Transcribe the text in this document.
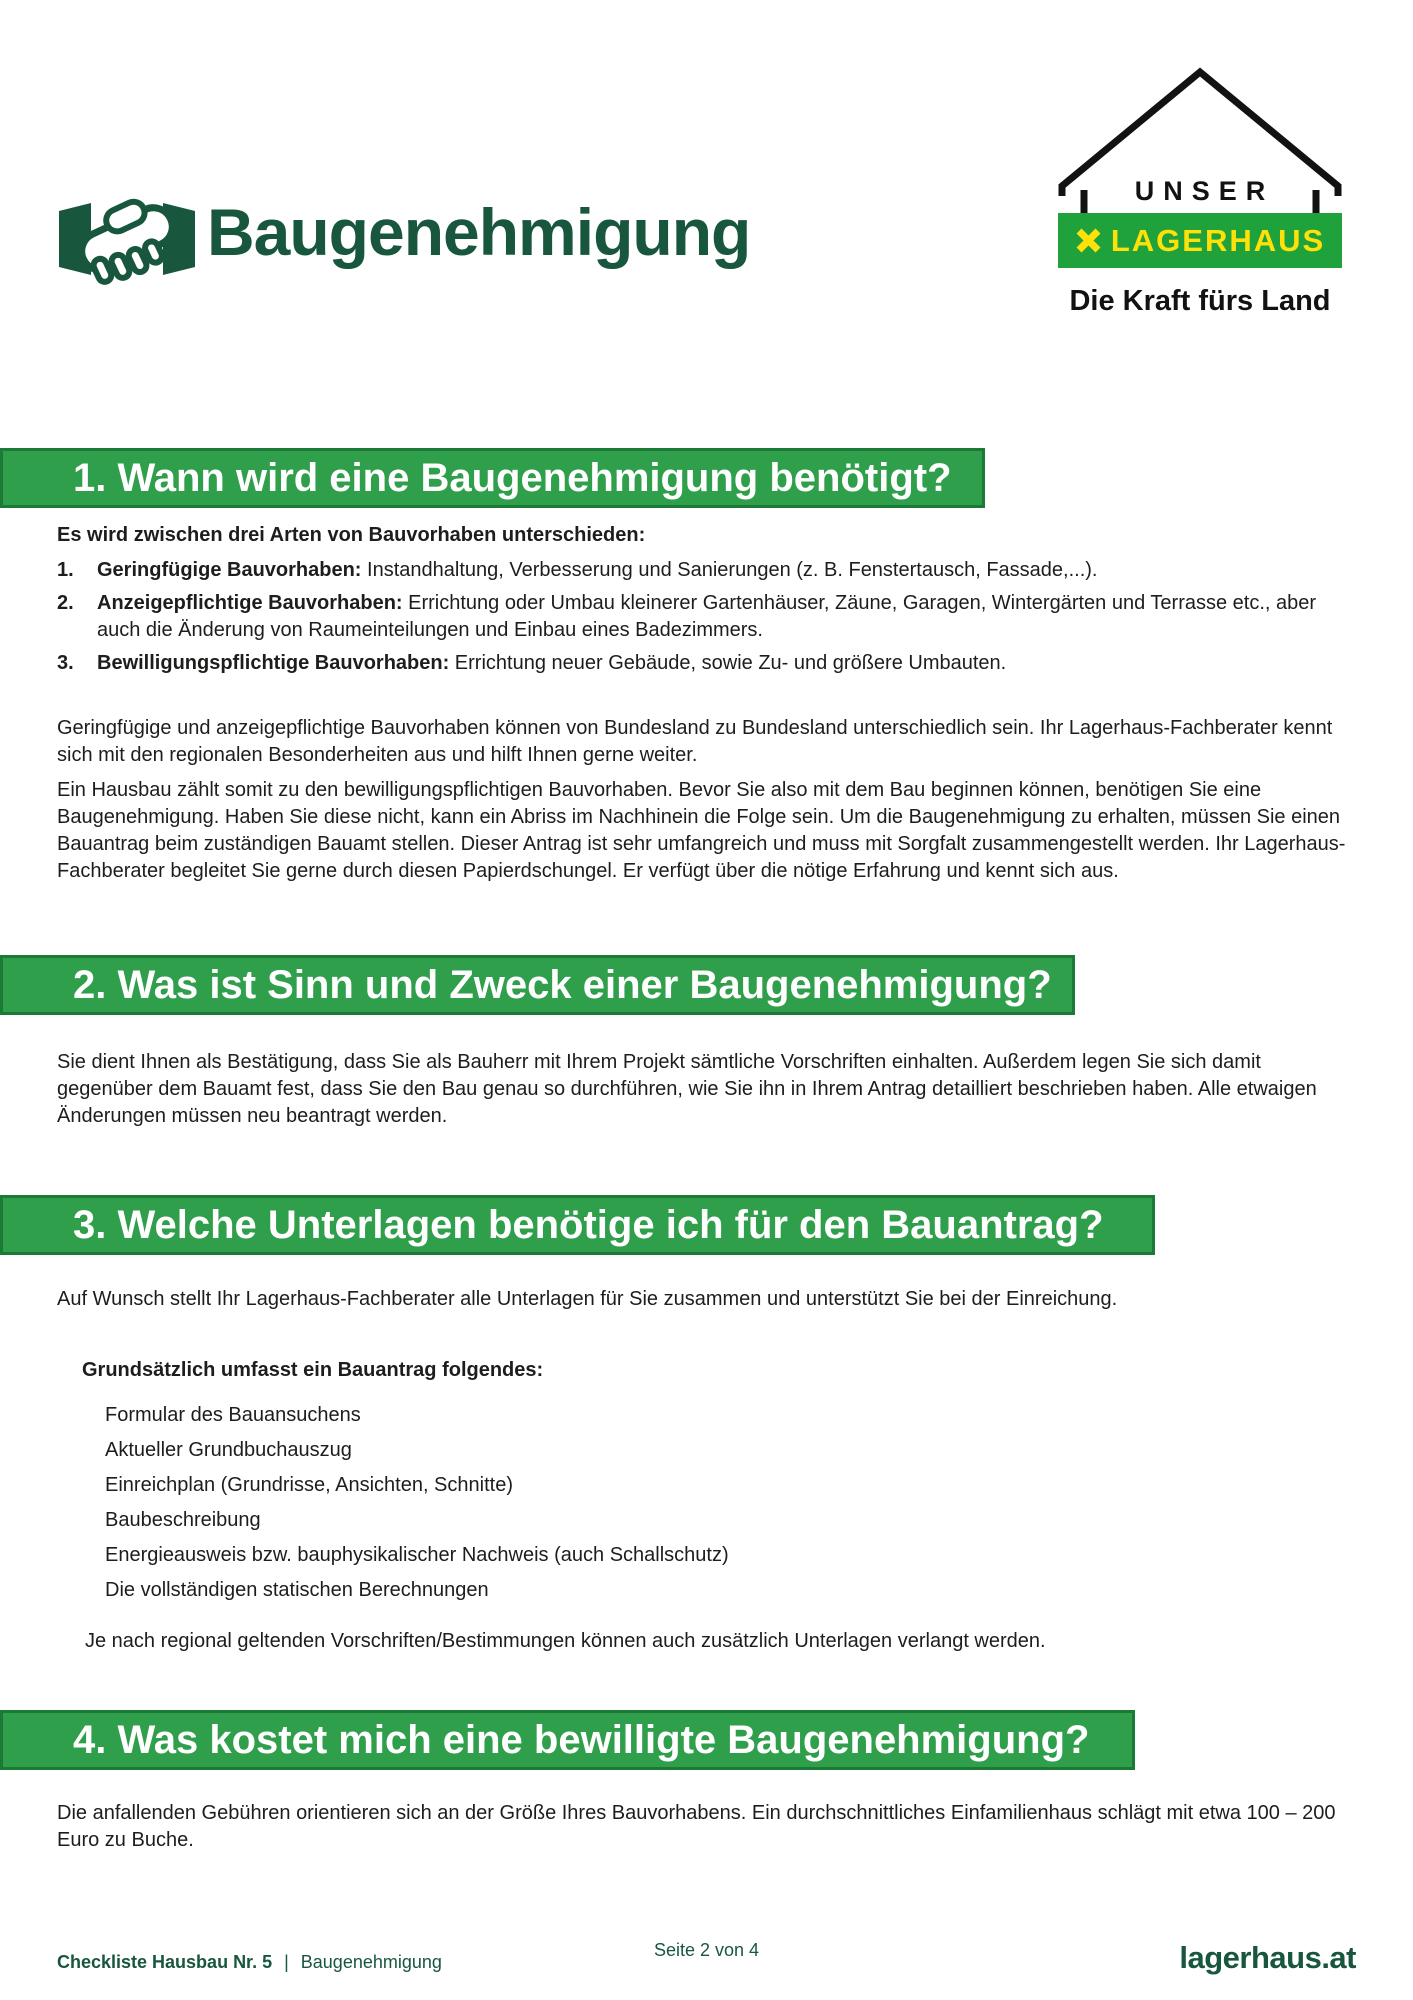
Baugenehmigung
UNSER
LAGERHAUS
Die Kraft fürs Land
1. Wann wird eine Baugenehmigung benötigt?
Es wird zwischen drei Arten von Bauvorhaben unterschieden:
1.	Geringfügige Bauvorhaben: Instandhaltung, Verbesserung und Sanierungen (z. B. Fenstertausch, Fassade,...).
2.	Anzeigepflichtige Bauvorhaben: Errichtung oder Umbau kleinerer Gartenhäuser, Zäune, Garagen, Wintergärten und Terrasse etc., aber auch die Änderung von Raumeinteilungen und Einbau eines Badezimmers.
3.	Bewilligungspflichtige Bauvorhaben: Errichtung neuer Gebäude, sowie Zu- und größere Umbauten.

Geringfügige und anzeigepflichtige Bauvorhaben können von Bundesland zu Bundesland unterschiedlich sein. Ihr Lagerhaus-Fachberater kennt sich mit den regionalen Besonderheiten aus und hilft Ihnen gerne weiter.

Ein Hausbau zählt somit zu den bewilligungspflichtigen Bauvorhaben. Bevor Sie also mit dem Bau beginnen können, benötigen Sie eine Baugenehmigung. Haben Sie diese nicht, kann ein Abriss im Nachhinein die Folge sein. Um die Baugenehmigung zu erhalten, müssen Sie einen Bauantrag beim zuständigen Bauamt stellen. Dieser Antrag ist sehr umfangreich und muss mit Sorgfalt zusammengestellt werden. Ihr Lagerhaus-Fachberater begleitet Sie gerne durch diesen Papierdschungel. Er verfügt über die nötige Erfahrung und kennt sich aus.

2. Was ist Sinn und Zweck einer Baugenehmigung?

Sie dient Ihnen als Bestätigung, dass Sie als Bauherr mit Ihrem Projekt sämtliche Vorschriften einhalten. Außerdem legen Sie sich damit gegenüber dem Bauamt fest, dass Sie den Bau genau so durchführen, wie Sie ihn in Ihrem Antrag detailliert beschrieben haben. Alle etwaigen Änderungen müssen neu beantragt werden.

3. Welche Unterlagen benötige ich für den Bauantrag?

Auf Wunsch stellt Ihr Lagerhaus-Fachberater alle Unterlagen für Sie zusammen und unterstützt Sie bei der Einreichung.

Grundsätzlich umfasst ein Bauantrag folgendes:
Formular des Bauansuchens
Aktueller Grundbuchauszug
Einreichplan (Grundrisse, Ansichten, Schnitte)
Baubeschreibung
Energieausweis bzw. bauphysikalischer Nachweis (auch Schallschutz)
Die vollständigen statischen Berechnungen
Je nach regional geltenden Vorschriften/Bestimmungen können auch zusätzlich Unterlagen verlangt werden.
4. Was kostet mich eine bewilligte Baugenehmigung?

Die anfallenden Gebühren orientieren sich an der Größe Ihres Bauvorhabens. Ein durchschnittliches Einfamilienhaus schlägt mit etwa 100 – 200 Euro zu Buche.

Checkliste Hausbau Nr. 5 | Baugenehmigung
Seite 2 von 4	lagerhaus.at
